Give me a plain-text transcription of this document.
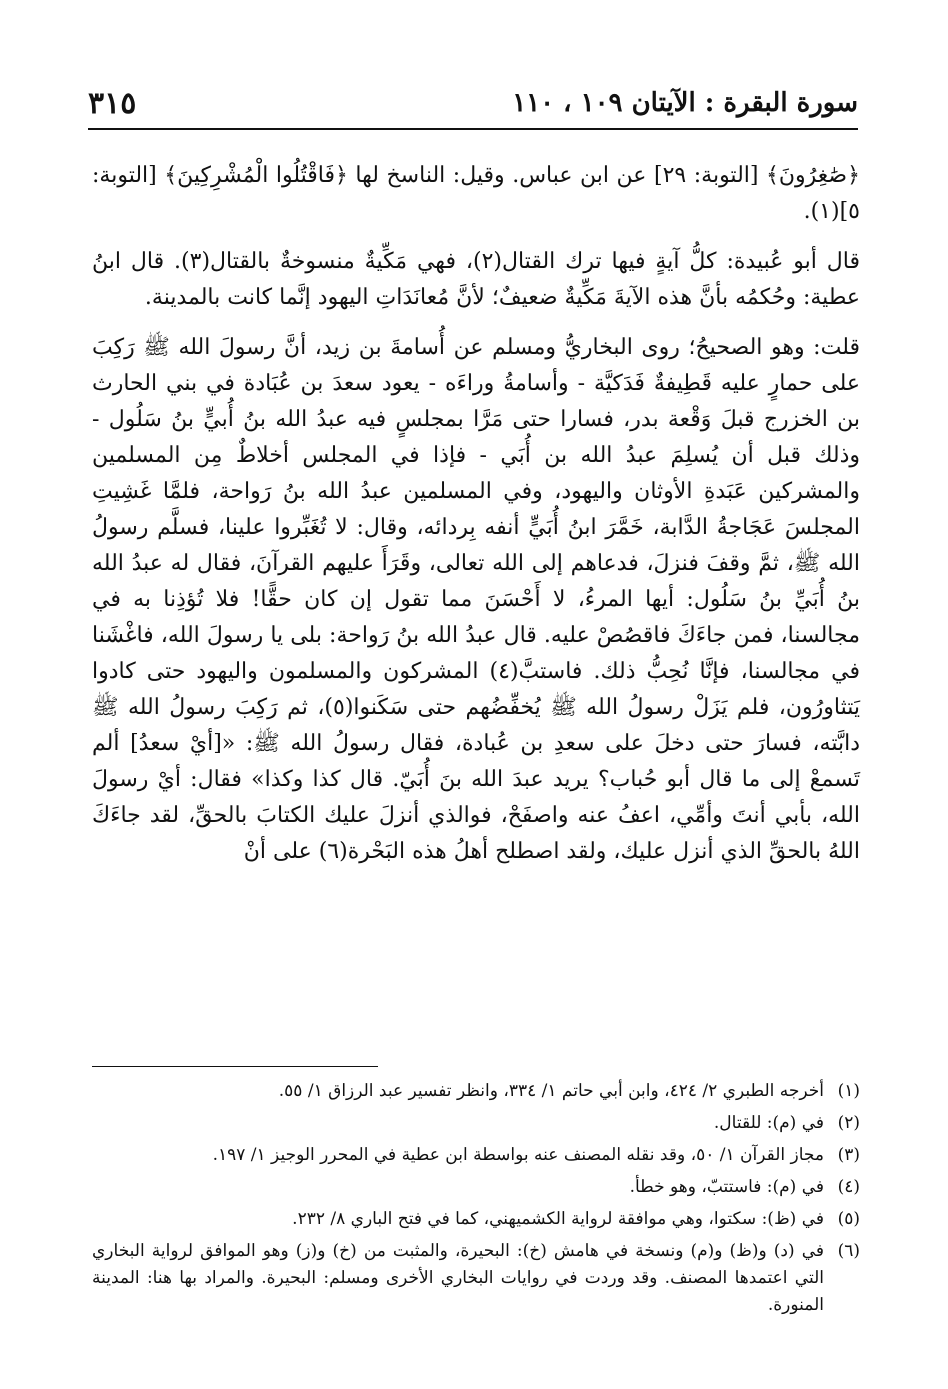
٣١٥	سورة البقرة : الآيتان ١٠٩ ، ١١٠

﴿صَٰغِرُونَ﴾ [التوبة: ٢٩] عن ابن عباس. وقيل: الناسخ لها ﴿فَاقْتُلُوا الْمُشْرِكِينَ﴾ [التوبة: ٥](١).

قال أبو عُبيدة: كلُّ آيةٍ فيها ترك القتال(٢)، فهي مَكِّيةٌ منسوخةٌ بالقتال(٣). قال ابنُ عطية: وحُكمُه بأنَّ هذه الآيةَ مَكِّيةٌ ضعيفٌ؛ لأنَّ مُعانَدَاتِ اليهود إنَّما كانت بالمدينة.

قلت: وهو الصحيحُ؛ روى البخاريُّ ومسلم عن أُسامةَ بن زيد، أنَّ رسولَ الله ﷺ رَكِبَ على حمارٍ عليه قَطِيفةٌ فَدَكيَّة - وأسامةُ وراءَه - يعود سعدَ بن عُبَادة في بني الحارث بن الخزرج قبلَ وَقْعة بدر، فسارا حتى مَرَّا بمجلسٍ فيه عبدُ الله بنُ أُبيٍّ بنُ سَلُول - وذلك قبل أن يُسلِمَ عبدُ الله بن أُبَي - فإذا في المجلس أخلاطٌ مِن المسلمين والمشركين عَبَدةِ الأوثان واليهود، وفي المسلمين عبدُ الله بنُ رَواحة، فلمَّا غَشِيتِ المجلسَ عَجَاجةُ الدَّابة، خَمَّرَ ابنُ أُبَيٍّ أنفه بِردائه، وقال: لا تُغَبِّروا علينا، فسلَّم رسولُ الله ﷺ، ثمَّ وقفَ فنزلَ، فدعاهم إلى الله تعالى، وقَرَأَ عليهم القرآنَ، فقال له عبدُ الله بنُ أُبَيِّ بنُ سَلُول: أيها المرءُ، لا أَحْسَنَ مما تقول إن كان حقًّا! فلا تُؤذِنا به في مجالسنا، فمن جاءَكَ فاقصُصْ عليه. قال عبدُ الله بنُ رَواحة: بلى يا رسولَ الله، فاغْشَنا في مجالسنا، فإنَّا نُحِبُّ ذلك. فاستبَّ(٤) المشركون والمسلمون واليهود حتى كادوا يَتثاورُون، فلم يَزَلْ رسولُ الله ﷺ يُخفِّضُهم حتى سَكَنوا(٥)، ثم رَكِبَ رسولُ الله ﷺ دابَّته، فسارَ حتى دخلَ على سعدِ بن عُبادة، فقال رسولُ الله ﷺ: «[أيْ سعدُ] ألم تَسمعْ إلى ما قال أبو حُباب؟ يريد عبدَ الله بنَ أُبَيّ. قال كذا وكذا» فقال: أيْ رسولَ الله، بأبي أنتَ وأمِّي، اعفُ عنه واصفَحْ، فوالذي أنزلَ عليك الكتابَ بالحقِّ، لقد جاءَكَ اللهُ بالحقِّ الذي أنزل عليك، ولقد اصطلح أهلُ هذه البَحْرة(٦) على أنْ

(١)
أخرجه الطبري ٢/ ٤٢٤، وابن أبي حاتم ١/ ٣٣٤، وانظر تفسير عبد الرزاق ١/ ٥٥.
(٢)
في (م): للقتال.
(٣)
مجاز القرآن ١/ ٥٠، وقد نقله المصنف عنه بواسطة ابن عطية في المحرر الوجيز ١/ ١٩٧.
(٤)
في (م): فاستتبّ، وهو خطأ.
(٥)
في (ظ): سكتوا، وهي موافقة لرواية الكشميهني، كما في فتح الباري ٨/ ٢٣٢.
(٦)
في (د) و(ظ) و(م) ونسخة في هامش (خ): البحيرة، والمثبت من (خ) و(ز) وهو الموافق لرواية البخاري التي اعتمدها المصنف. وقد وردت في روايات البخاري الأخرى ومسلم: البحيرة. والمراد بها هنا: المدينة المنورة.
